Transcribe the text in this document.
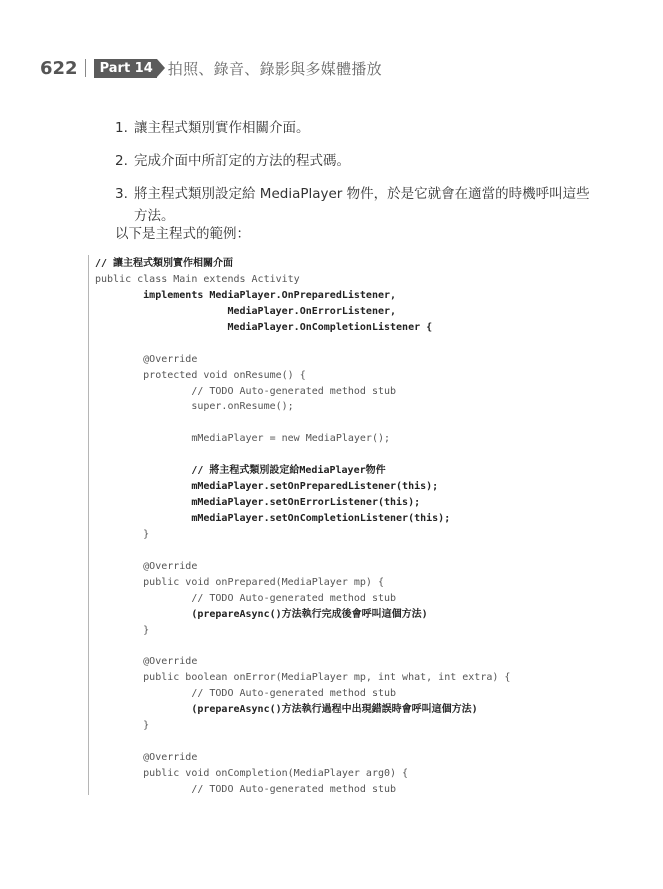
622	Part 14 拍照、錄音、錄影與多媒體播放
1. 讓主程式類別實作相關介面。
2. 完成介面中所訂定的方法的程式碼。
3. 將主程式類別設定給 MediaPlayer 物件，於是它就會在適當的時機呼叫這些方法。
以下是主程式的範例：
// 讓主程式類別實作相關介面
public class Main extends Activity
implements MediaPlayer.OnPreparedListener,
MediaPlayer.OnErrorListener,
MediaPlayer.OnCompletionListener {
@Override
protected void onResume() {
// TODO Auto-generated method stub
super.onResume();
mMediaPlayer = new MediaPlayer();
// 將主程式類別設定給MediaPlayer物件
mMediaPlayer.setOnPreparedListener(this);
mMediaPlayer.setOnErrorListener(this);
mMediaPlayer.setOnCompletionListener(this);
}
@Override
public void onPrepared(MediaPlayer mp) {
// TODO Auto-generated method stub
(prepareAsync()方法執行完成後會呼叫這個方法)
}
@Override
public boolean onError(MediaPlayer mp, int what, int extra) {
// TODO Auto-generated method stub
(prepareAsync()方法執行過程中出現錯誤時會呼叫這個方法)
}
@Override
public void onCompletion(MediaPlayer arg0) {
// TODO Auto-generated method stub
